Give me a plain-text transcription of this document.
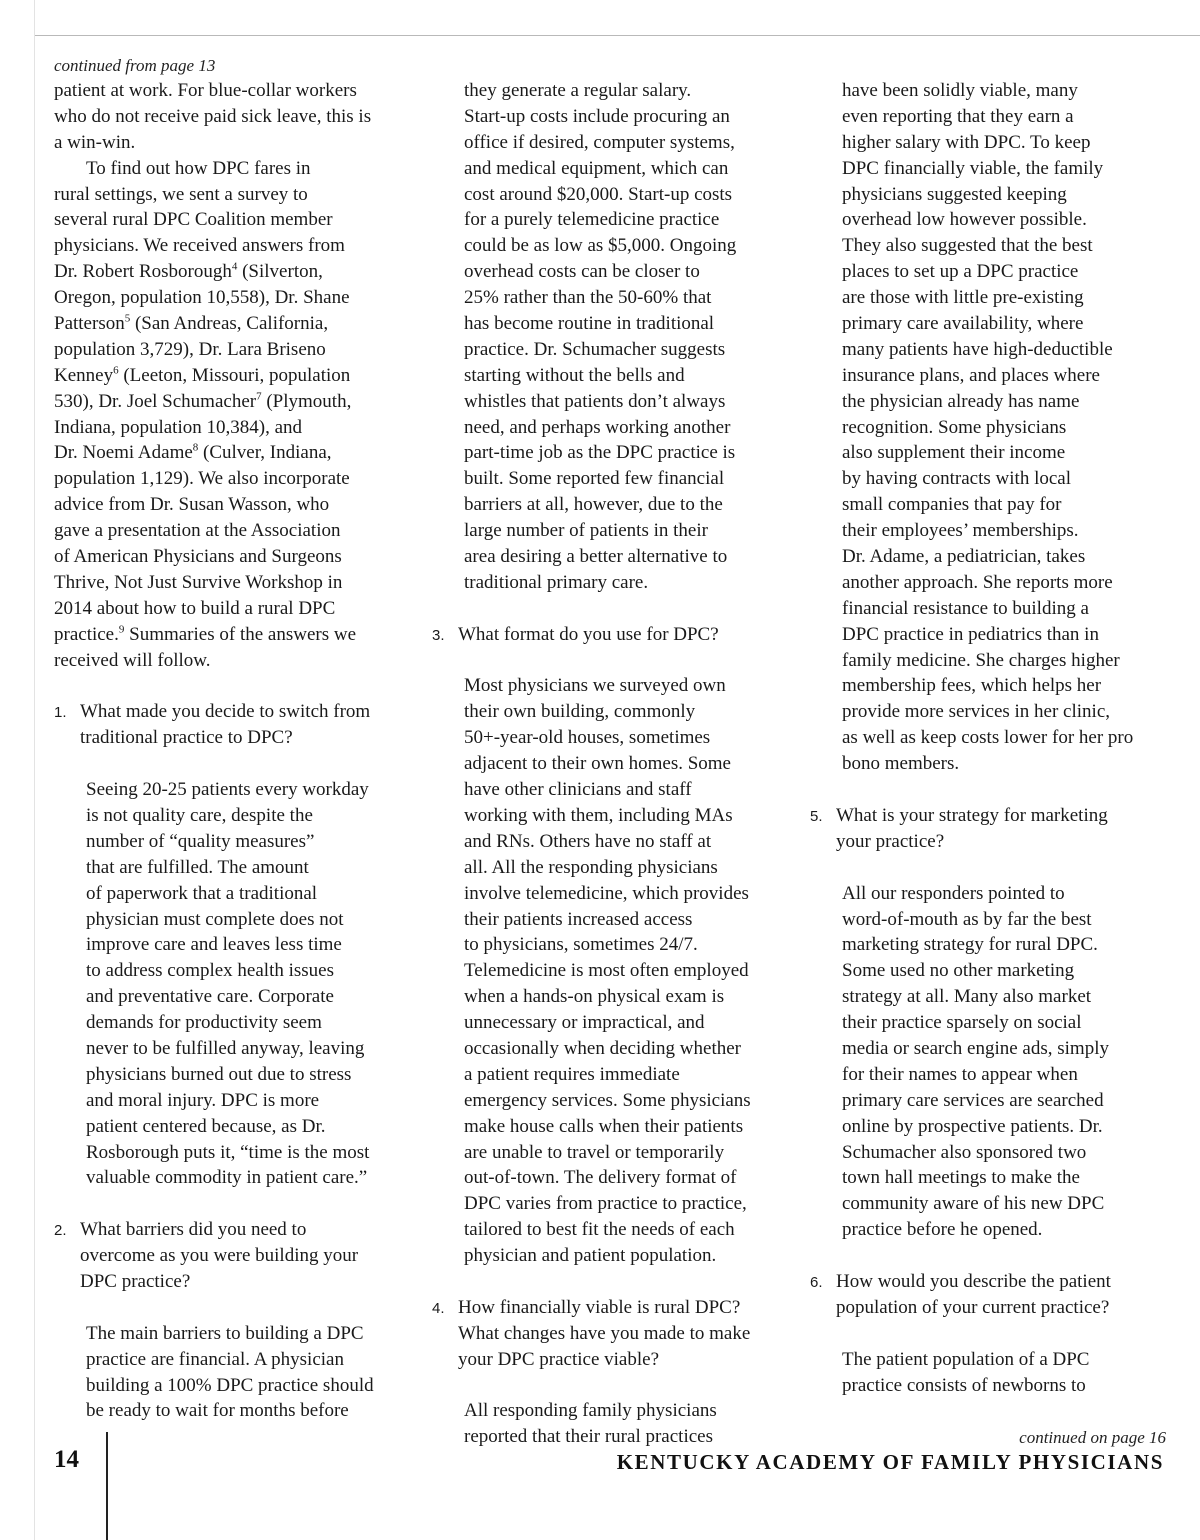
continued from page 13
patient at work. For blue-collar workers
who do not receive paid sick leave, this is
a win-win.
To find out how DPC fares in
rural settings, we sent a survey to
several rural DPC Coalition member
physicians. We received answers from
Dr. Robert Rosborough$^4$ (Silverton,
Oregon, population 10,558), Dr. Shane
Patterson$^5$ (San Andreas, California,
population 3,729), Dr. Lara Briseno
Kenney$^6$ (Leeton, Missouri, population
530), Dr. Joel Schumacher$^7$ (Plymouth,
Indiana, population 10,384), and
Dr. Noemi Adame$^8$ (Culver, Indiana,
population 1,129). We also incorporate
advice from Dr. Susan Wasson, who
gave a presentation at the Association
of American Physicians and Surgeons
Thrive, Not Just Survive Workshop in
2014 about how to build a rural DPC
practice.$^9$ Summaries of the answers we
received will follow.
1. What made you decide to switch from
traditional practice to DPC?
Seeing 20-25 patients every workday
is not quality care, despite the
number of “quality measures”
that are fulfilled. The amount
of paperwork that a traditional
physician must complete does not
improve care and leaves less time
to address complex health issues
and preventative care. Corporate
demands for productivity seem
never to be fulfilled anyway, leaving
physicians burned out due to stress
and moral injury. DPC is more
patient centered because, as Dr.
Rosborough puts it, “time is the most
valuable commodity in patient care.”
2. What barriers did you need to
overcome as you were building your
DPC practice?
The main barriers to building a DPC
practice are financial. A physician
building a 100% DPC practice should
be ready to wait for months before
they generate a regular salary.
Start-up costs include procuring an
office if desired, computer systems,
and medical equipment, which can
cost around $20,000. Start-up costs
for a purely telemedicine practice
could be as low as $5,000. Ongoing
overhead costs can be closer to
25% rather than the 50-60% that
has become routine in traditional
practice. Dr. Schumacher suggests
starting without the bells and
whistles that patients don’t always
need, and perhaps working another
part-time job as the DPC practice is
built. Some reported few financial
barriers at all, however, due to the
large number of patients in their
area desiring a better alternative to
traditional primary care.
3. What format do you use for DPC?
Most physicians we surveyed own
their own building, commonly
50+-year-old houses, sometimes
adjacent to their own homes. Some
have other clinicians and staff
working with them, including MAs
and RNs. Others have no staff at
all. All the responding physicians
involve telemedicine, which provides
their patients increased access
to physicians, sometimes 24/7.
Telemedicine is most often employed
when a hands-on physical exam is
unnecessary or impractical, and
occasionally when deciding whether
a patient requires immediate
emergency services. Some physicians
make house calls when their patients
are unable to travel or temporarily
out-of-town. The delivery format of
DPC varies from practice to practice,
tailored to best fit the needs of each
physician and patient population.
4. How financially viable is rural DPC?
What changes have you made to make
your DPC practice viable?
All responding family physicians
reported that their rural practices
have been solidly viable, many
even reporting that they earn a
higher salary with DPC. To keep
DPC financially viable, the family
physicians suggested keeping
overhead low however possible.
They also suggested that the best
places to set up a DPC practice
are those with little pre-existing
primary care availability, where
many patients have high-deductible
insurance plans, and places where
the physician already has name
recognition. Some physicians
also supplement their income
by having contracts with local
small companies that pay for
their employees’ memberships.
Dr. Adame, a pediatrician, takes
another approach. She reports more
financial resistance to building a
DPC practice in pediatrics than in
family medicine. She charges higher
membership fees, which helps her
provide more services in her clinic,
as well as keep costs lower for her pro
bono members.
5. What is your strategy for marketing
your practice?
All our responders pointed to
word-of-mouth as by far the best
marketing strategy for rural DPC.
Some used no other marketing
strategy at all. Many also market
their practice sparsely on social
media or search engine ads, simply
for their names to appear when
primary care services are searched
online by prospective patients. Dr.
Schumacher also sponsored two
town hall meetings to make the
community aware of his new DPC
practice before he opened.
6. How would you describe the patient
population of your current practice?
The patient population of a DPC
practice consists of newborns to
continued on page 16
14	KENTUCKY ACADEMY OF FAMILY PHYSICIANS
